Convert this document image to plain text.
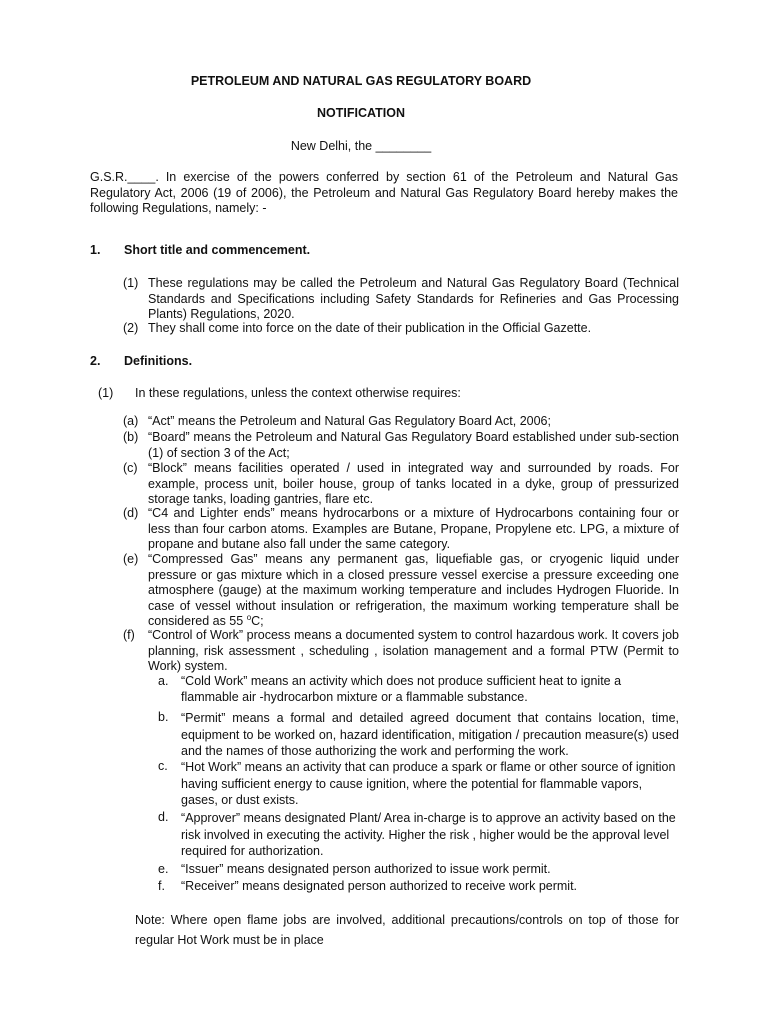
PETROLEUM AND NATURAL GAS REGULATORY BOARD
NOTIFICATION
New Delhi, the ________
G.S.R.____. In exercise of the powers conferred by section 61 of the Petroleum and Natural Gas Regulatory Act, 2006 (19 of 2006), the Petroleum and Natural Gas Regulatory Board hereby makes the following Regulations, namely: -
1. Short title and commencement.
(1) These regulations may be called the Petroleum and Natural Gas Regulatory Board (Technical Standards and Specifications including Safety Standards for Refineries and Gas Processing Plants) Regulations, 2020.
(2) They shall come into force on the date of their publication in the Official Gazette.
2. Definitions.
(1) In these regulations, unless the context otherwise requires:
(a) “Act” means the Petroleum and Natural Gas Regulatory Board Act, 2006;
(b) “Board” means the Petroleum and Natural Gas Regulatory Board established under sub-section (1) of section 3 of the Act;
(c) “Block” means facilities operated / used in integrated way and surrounded by roads. For example, process unit, boiler house, group of tanks located in a dyke, group of pressurized storage tanks, loading gantries, flare etc.
(d) “C4 and Lighter ends” means hydrocarbons or a mixture of Hydrocarbons containing four or less than four carbon atoms. Examples are Butane, Propane, Propylene etc. LPG, a mixture of propane and butane also fall under the same category.
(e) “Compressed Gas” means any permanent gas, liquefiable gas, or cryogenic liquid under pressure or gas mixture which in a closed pressure vessel exercise a pressure exceeding one atmosphere (gauge) at the maximum working temperature and includes Hydrogen Fluoride. In case of vessel without insulation or refrigeration, the maximum working temperature shall be considered as 55 $^o$C;
(f) “Control of Work” process means a documented system to control hazardous work. It covers job planning, risk assessment , scheduling , isolation management and a formal PTW (Permit to Work) system.
a. “Cold Work” means an activity which does not produce sufficient heat to ignite a flammable air -hydrocarbon mixture or a flammable substance.
b. “Permit” means a formal and detailed agreed document that contains location, time, equipment to be worked on, hazard identification, mitigation / precaution measure(s) used and the names of those authorizing the work and performing the work.
c. “Hot Work” means an activity that can produce a spark or flame or other source of ignition having sufficient energy to cause ignition, where the potential for flammable vapors, gases, or dust exists.
d. “Approver” means designated Plant/ Area in-charge is to approve an activity based on the risk involved in executing the activity. Higher the risk , higher would be the approval level required for authorization.
e. “Issuer” means designated person authorized to issue work permit.
f. “Receiver” means designated person authorized to receive work permit.
Note: Where open flame jobs are involved, additional precautions/controls on top of those for regular Hot Work must be in place
